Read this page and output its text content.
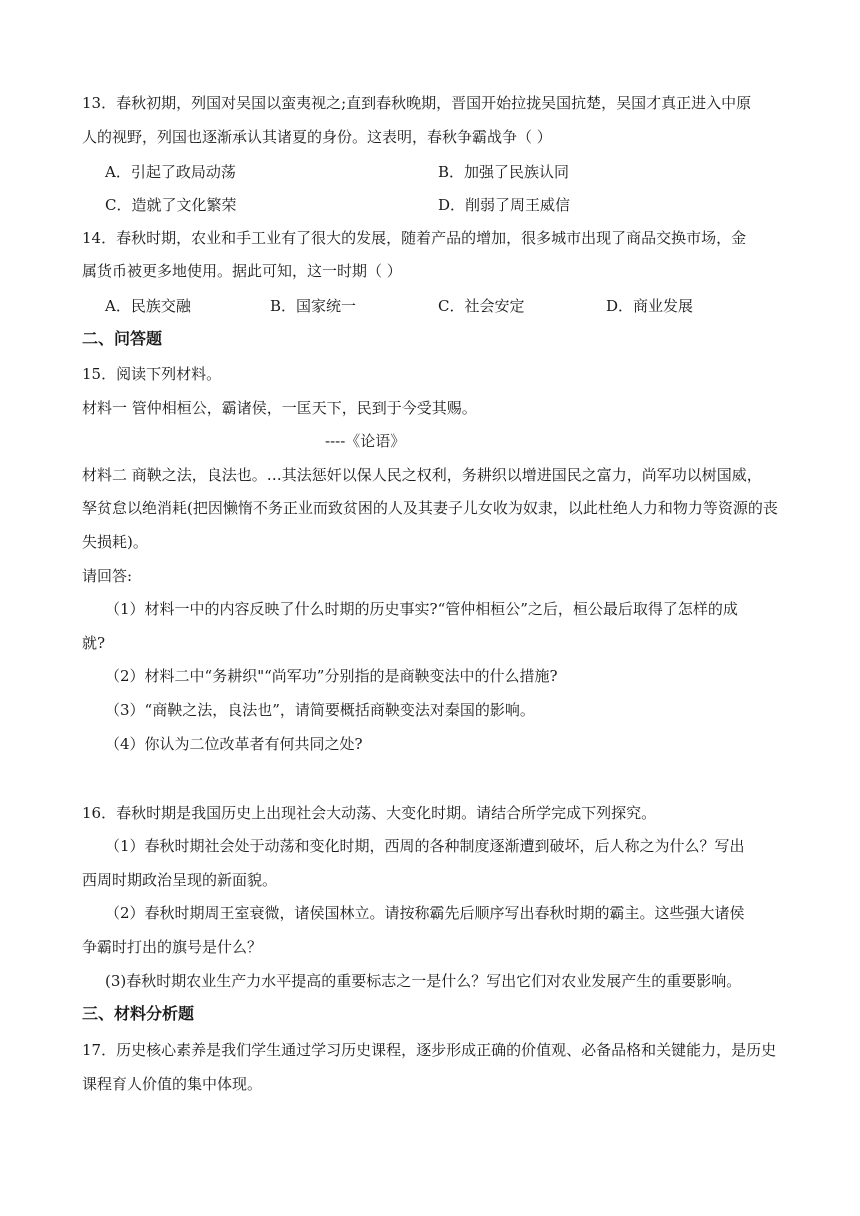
13．春秋初期，列国对吴国以蛮夷视之;直到春秋晚期，晋国开始拉拢吴国抗楚，吴国才真正进入中原
人的视野，列国也逐渐承认其诸夏的身份。这表明，春秋争霸战争（ ）
A．引起了政局动荡	B．加强了民族认同
C．造就了文化繁荣	D．削弱了周王威信
14．春秋时期，农业和手工业有了很大的发展，随着产品的增加，很多城市出现了商品交换市场，金
属货币被更多地使用。据此可知，这一时期（ ）
A．民族交融	B．国家统一	C．社会安定	D．商业发展
二、问答题
15．阅读下列材料。
材料一 管仲相桓公，霸诸侯，一匡天下，民到于今受其赐。
----《论语》
材料二 商鞅之法，良法也。…其法惩奸以保人民之权利，务耕织以增进国民之富力，尚军功以树国威，
孥贫怠以绝消耗(把因懒惰不务正业而致贫困的人及其妻子儿女收为奴隶，以此杜绝人力和物力等资源的丧
失损耗)。
请回答:
（1）材料一中的内容反映了什么时期的历史事实?“管仲相桓公”之后，桓公最后取得了怎样的成
就?
（2）材料二中“务耕织"“尚军功”分别指的是商鞅变法中的什么措施?
（3）“商鞅之法，良法也”，请简要概括商鞅变法对秦国的影响。
（4）你认为二位改革者有何共同之处?
16．春秋时期是我国历史上出现社会大动荡、大变化时期。请结合所学完成下列探究。
（1）春秋时期社会处于动荡和变化时期，西周的各种制度逐渐遭到破坏，后人称之为什么？写出
西周时期政治呈现的新面貌。
（2）春秋时期周王室衰微，诸侯国林立。请按称霸先后顺序写出春秋时期的霸主。这些强大诸侯
争霸时打出的旗号是什么？
(3)春秋时期农业生产力水平提高的重要标志之一是什么？写出它们对农业发展产生的重要影响。
三、材料分析题
17．历史核心素养是我们学生通过学习历史课程，逐步形成正确的价值观、必备品格和关键能力，是历史
课程育人价值的集中体现。
